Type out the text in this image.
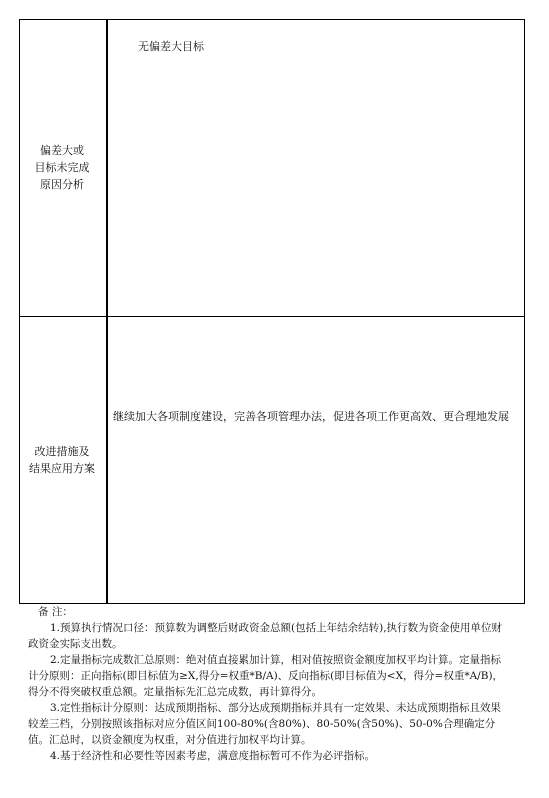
偏差大或
目标未完成
原因分析
无偏差大目标
改进措施及
结果应用方案
继续加大各项制度建设，完善各项管理办法，促进各项工作更高效、更合理地发展

备 注：

1.预算执行情况口径：预算数为调整后财政资金总额(包括上年结余结转),执行数为资金使用单位财政资金实际支出数。

2.定量指标完成数汇总原则：绝对值直接累加计算，相对值按照资金额度加权平均计算。定量指标计分原则：正向指标(即目标值为≥X,得分=权重*B/A)、反向指标(即目标值为<X，得分=权重*A/B)，得分不得突破权重总额。定量指标先汇总完成数，再计算得分。

3.定性指标计分原则：达成预期指标、部分达成预期指标并具有一定效果、未达成预期指标且效果较差三档，分别按照该指标对应分值区间100-80%(含80%)、80-50%(含50%)、50-0%合理确定分值。汇总时，以资金额度为权重，对分值进行加权平均计算。

4.基于经济性和必要性等因素考虑，满意度指标暂可不作为必评指标。
